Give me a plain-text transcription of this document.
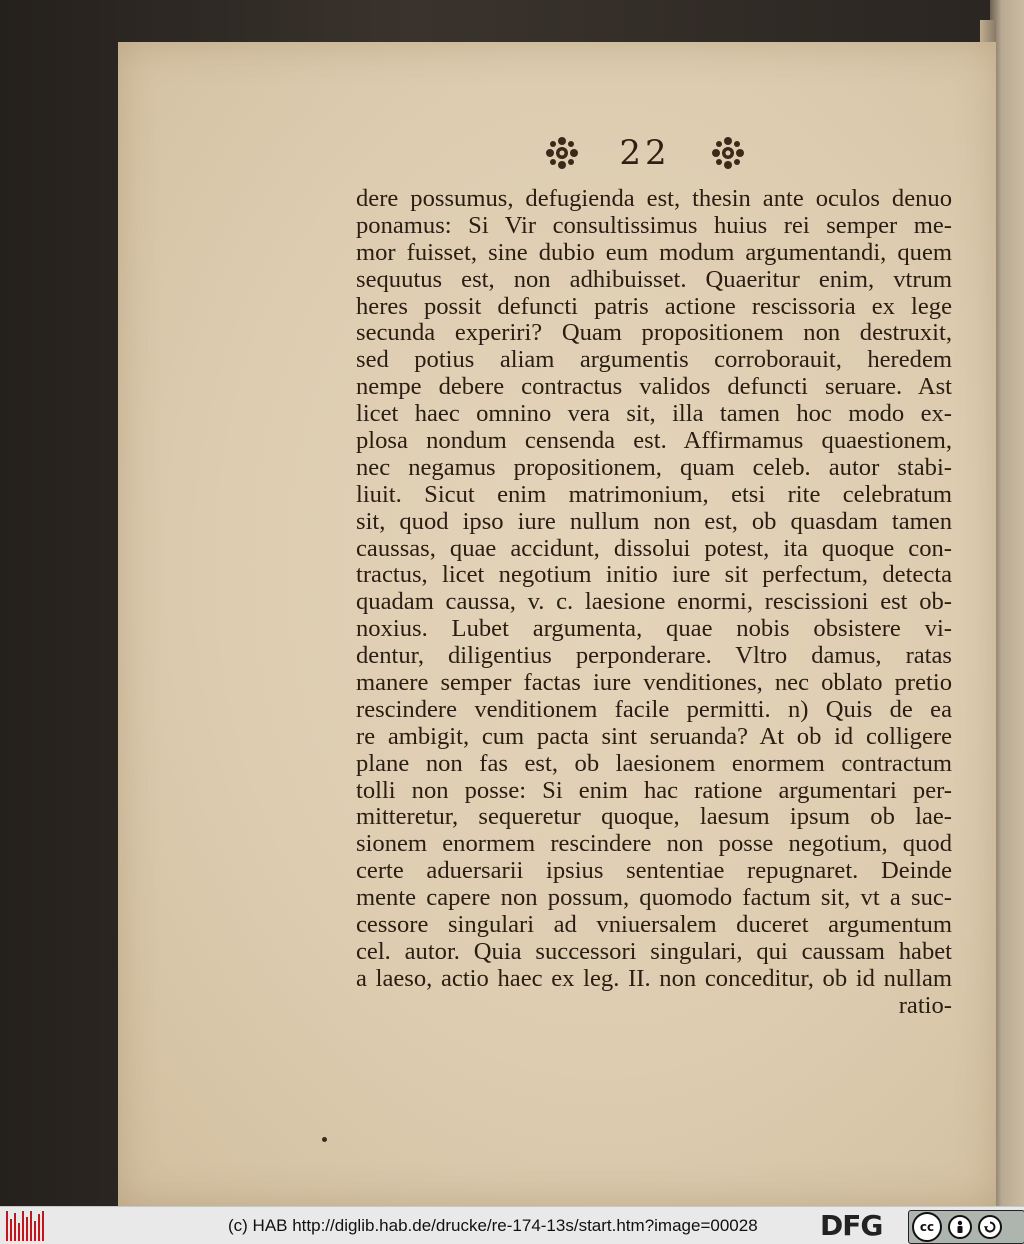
22
dere possumus, defugienda est, thesin ante oculos denuo
ponamus: Si Vir consultissimus huius rei semper me-
mor fuisset, sine dubio eum modum argumentandi, quem
sequutus est, non adhibuisset. Quaeritur enim, vtrum
heres possit defuncti patris actione rescissoria ex lege
secunda experiri? Quam propositionem non destruxit,
sed potius aliam argumentis corroborauit, heredem
nempe debere contractus validos defuncti seruare. Ast
licet haec omnino vera sit, illa tamen hoc modo ex-
plosa nondum censenda est. Affirmamus quaestionem,
nec negamus propositionem, quam celeb. autor stabi-
liuit. Sicut enim matrimonium, etsi rite celebratum
sit, quod ipso iure nullum non est, ob quasdam tamen
caussas, quae accidunt, dissolui potest, ita quoque con-
tractus, licet negotium initio iure sit perfectum, detecta
quadam caussa, v. c. laesione enormi, rescissioni est ob-
noxius. Lubet argumenta, quae nobis obsistere vi-
dentur, diligentius perponderare. Vltro damus, ratas
manere semper factas iure venditiones, nec oblato pretio
rescindere venditionem facile permitti. n) Quis de ea
re ambigit, cum pacta sint seruanda? At ob id colligere
plane non fas est, ob laesionem enormem contractum
tolli non posse: Si enim hac ratione argumentari per-
mitteretur, sequeretur quoque, laesum ipsum ob lae-
sionem enormem rescindere non posse negotium, quod
certe aduersarii ipsius sententiae repugnaret. Deinde
mente capere non possum, quomodo factum sit, vt a suc-
cessore singulari ad vniuersalem duceret argumentum
cel. autor. Quia successori singulari, qui caussam habet
a laeso, actio haec ex leg. II. non conceditur, ob id nullam
ratio-
(c) HAB http://diglib.hab.de/drucke/re-174-13s/start.htm?image=00028 DFG	cc
